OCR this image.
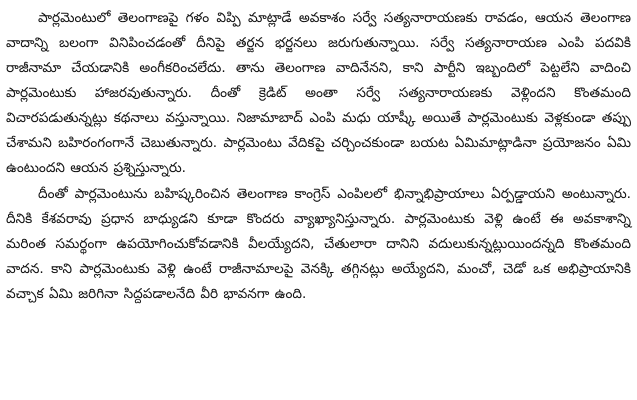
పార్లమెంటులో తెలంగాణపై గళం విప్పి మాట్లాడే అవకాశం సర్వే సత్యనారాయణకు రావడం, ఆయన తెలంగాణ వాదాన్ని బలంగా వినిపించడంతో దీనిపై తర్జన భర్జనలు జరుగుతున్నాయి. సర్వే సత్యనారాయణ ఎంపి పదవికి రాజీనామా చేయడానికి అంగీకరించలేదు. తాను తెలంగాణ వాదినేనని, కాని పార్టీని ఇబ్బందిలో పెట్టలేని వాదించి పార్లమెంటుకు హాజరవుతున్నారు. దీంతో క్రెడిట్ అంతా సర్వే సత్యనారాయణకు వెళ్లిందని కొంతమంది విచారపడుతున్నట్లు కథనాలు వస్తున్నాయి. నిజామాబాద్ ఎంపి మధు యాష్కీ అయితే పార్లమెంటుకు వెళ్లకుండా తప్పు చేశామని బహిరంగంగానే చెబుతున్నారు. పార్లమెంటు వేదికపై చర్చించకుండా బయట ఏమిమాట్లాడినా ప్రయోజనం ఏమి ఉంటుందని ఆయన ప్రశ్నిస్తున్నారు.

దీంతో పార్లమెంటును బహిష్కరించిన తెలంగాణ కాంగ్రెస్ ఎంపిలలో భిన్నాభిప్రాయాలు ఏర్పడ్డాయని అంటున్నారు. దీనికి కేశవరావు ప్రధాన బాధ్యుడని కూడా కొందరు వ్యాఖ్యానిస్తున్నారు. పార్లమెంటుకు వెళ్లి ఉంటే ఈ అవకాశాన్ని మరింత సమర్థంగా ఉపయోగించుకోవడానికి వీలయ్యేదని, చేతులారా దానిని వదులుకున్నట్లుయిందన్నది కొంతమంది వాదన. కాని పార్లమెంటుకు వెళ్లి ఉంటే రాజీనామాలపై వెనక్కి తగ్గినట్లు అయ్యేదని, మంచో, చెడో ఒక అభిప్రాయానికి వచ్చాక ఏమి జరిగినా సిద్దపడాలనేది వీరి భావనగా ఉంది.
